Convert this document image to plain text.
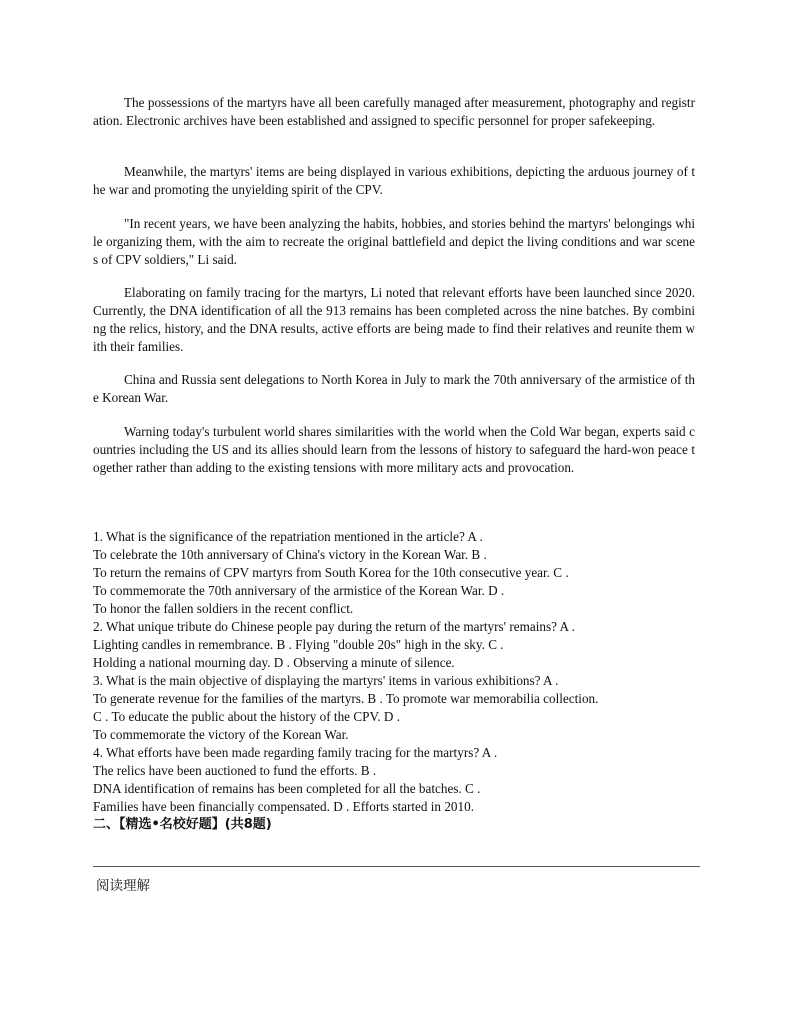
The possessions of the martyrs have all been carefully managed after measurement, photography and registration. Electronic archives have been established and assigned to specific personnel for proper safekeeping.

Meanwhile, the martyrs' items are being displayed in various exhibitions, depicting the arduous journey of the war and promoting the unyielding spirit of the CPV.

"In recent years, we have been analyzing the habits, hobbies, and stories behind the martyrs' belongings while organizing them, with the aim to recreate the original battlefield and depict the living conditions and war scenes of CPV soldiers," Li said.

Elaborating on family tracing for the martyrs, Li noted that relevant efforts have been launched since 2020. Currently, the DNA identification of all the 913 remains has been completed across the nine batches. By combining the relics, history, and the DNA results, active efforts are being made to find their relatives and reunite them with their families.

China and Russia sent delegations to North Korea in July to mark the 70th anniversary of the armistice of the Korean War.

Warning today's turbulent world shares similarities with the world when the Cold War began, experts said countries including the US and its allies should learn from the lessons of history to safeguard the hard-won peace together rather than adding to the existing tensions with more military acts and provocation.

1. What is the significance of the repatriation mentioned in the article? A .
To celebrate the 10th anniversary of China's victory in the Korean War. B .
To return the remains of CPV martyrs from South Korea for the 10th consecutive year. C .
To commemorate the 70th anniversary of the armistice of the Korean War. D .
To honor the fallen soldiers in the recent conflict.
2. What unique tribute do Chinese people pay during the return of the martyrs' remains? A .
Lighting candles in remembrance. B . Flying "double 20s" high in the sky. C .
Holding a national mourning day. D . Observing a minute of silence.
3. What is the main objective of displaying the martyrs' items in various exhibitions? A .
To generate revenue for the families of the martyrs. B . To promote war memorabilia collection.
C . To educate the public about the history of the CPV. D .
To commemorate the victory of the Korean War.
4. What efforts have been made regarding family tracing for the martyrs? A .
The relics have been auctioned to fund the efforts. B .
DNA identification of remains has been completed for all the batches. C .
Families have been financially compensated. D . Efforts started in 2010.
二、【精选•名校好题】(共8题)
阅读理解
